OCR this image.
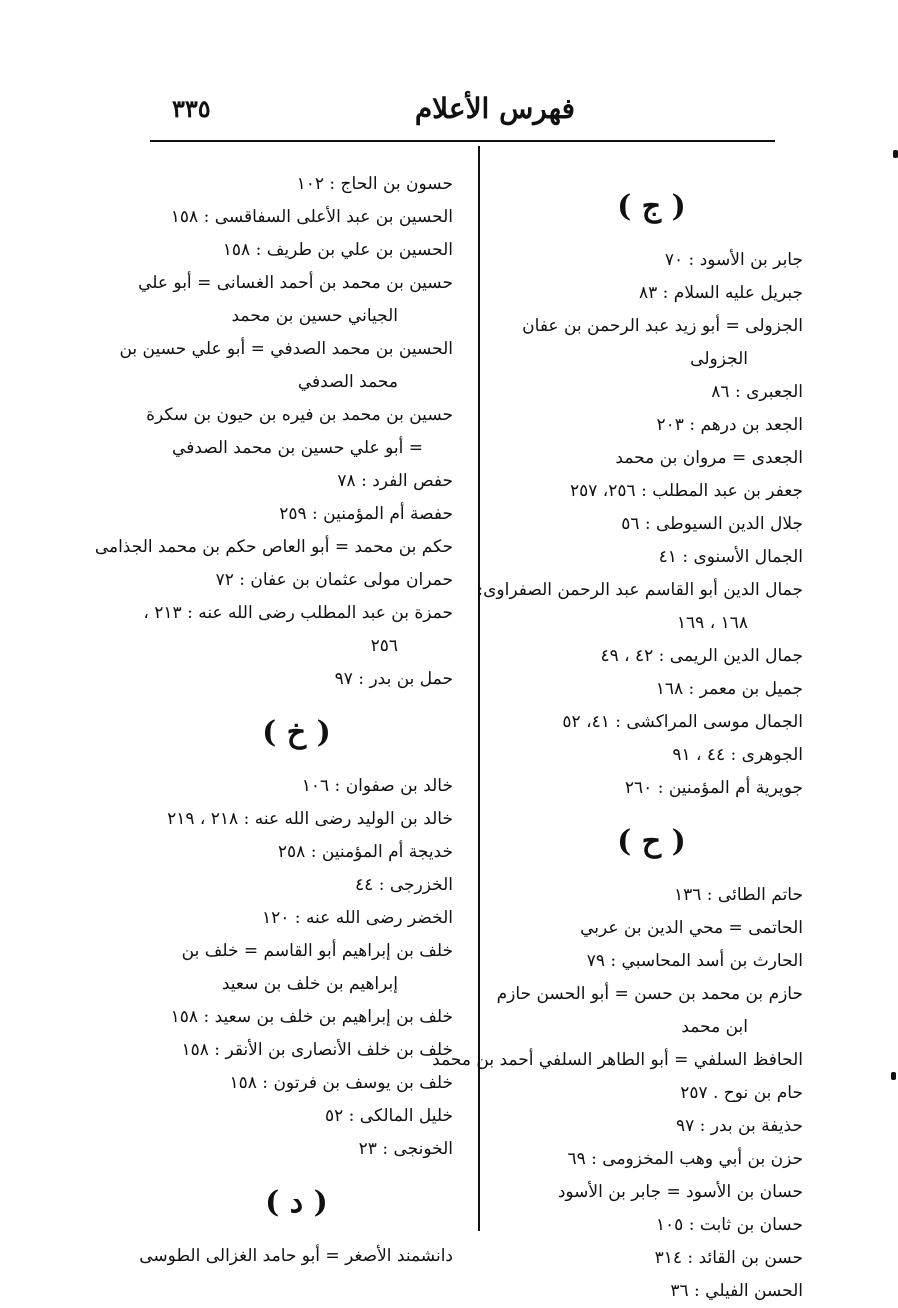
فهرس الأعلام
٣٣٥
( ج )
جابر بن الأسود : ٧٠
جبريل عليه السلام : ٨٣
الجزولى = أبو زيد عبد الرحمن بن عفان
الجزولى
الجعبرى : ٨٦
الجعد بن درهم : ٢٠٣
الجعدى = مروان بن محمد
جعفر بن عبد المطلب : ٢٥٦، ٢٥٧
جلال الدين السيوطى : ٥٦
الجمال الأسنوى : ٤١
جمال الدين أبو القاسم عبد الرحمن الصفراوى:
١٦٨ ، ١٦٩
جمال الدين الريمى : ٤٢ ، ٤٩
جميل بن معمر : ١٦٨
الجمال موسى المراكشى : ٤١، ٥٢
الجوهرى : ٤٤ ، ٩١
جويرية أم المؤمنين : ٢٦٠
( ح )
حاتم الطائى : ١٣٦
الحاتمى = محي الدين بن عربي
الحارث بن أسد المحاسبي : ٧٩
حازم بن محمد بن حسن = أبو الحسن حازم
ابن محمد
الحافظ السلفي = أبو الطاهر السلفي أحمد بن محمد
حام بن نوح . ٢٥٧
حذيفة بن بدر : ٩٧
حزن بن أبي وهب المخزومى : ٦٩
حسان بن الأسود = جابر بن الأسود
حسان بن ثابت : ١٠٥
حسن بن القائد : ٣١٤
الحسن الفيلي : ٣٦
حسون بن الحاج : ١٠٢
الحسين بن عبد الأعلى السفاقسى : ١٥٨
الحسين بن علي بن طريف : ١٥٨
حسين بن محمد بن أحمد الغسانى = أبو علي
الجياني حسين بن محمد
الحسين بن محمد الصدفي = أبو علي حسين بن
محمد الصدفي
حسين بن محمد بن فيره بن حيون بن سكرة
= أبو علي حسين بن محمد الصدفي
حفص الفرد : ٧٨
حفصة أم المؤمنين : ٢٥٩
حكم بن محمد = أبو العاص حكم بن محمد الجذامى
حمران مولى عثمان بن عفان : ٧٢
حمزة بن عبد المطلب رضى الله عنه : ٢١٣ ،
٢٥٦
حمل بن بدر : ٩٧
( خ )
خالد بن صفوان : ١٠٦
خالد بن الوليد رضى الله عنه : ٢١٨ ، ٢١٩
خديجة أم المؤمنين : ٢٥٨
الخزرجى : ٤٤
الخضر رضى الله عنه : ١٢٠
خلف بن إبراهيم أبو القاسم = خلف بن
إبراهيم بن خلف بن سعيد
خلف بن إبراهيم بن خلف بن سعيد : ١٥٨
خلف بن خلف الأنصارى بن الأنقر : ١٥٨
خلف بن يوسف بن فرتون : ١٥٨
خليل المالكى : ٥٢
الخونجى : ٢٣
( د )
دانشمند الأصغر = أبو حامد الغزالى الطوسى
